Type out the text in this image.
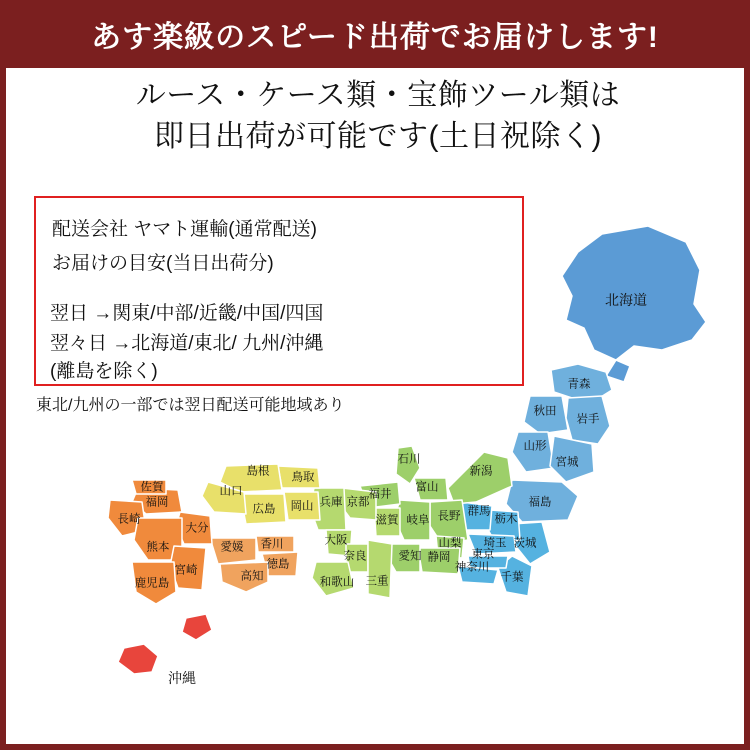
あす楽級のスピード出荷でお届けします!
ルース・ケース類・宝飾ツール類は
即日出荷が可能です(土日祝除く)
配送会社 ヤマト運輸(通常配送)
お届けの目安(当日出荷分)
翌日 →関東/中部/近畿/中国/四国
翌々日 →北海道/東北/ 九州/沖縄
(離島を除く)
東北/九州の一部では翌日配送可能地域あり
北海道
沖縄
青森
秋田
岩手
山形
宮城
福島
新潟
石川
富山
栃木
群馬
茨城
埼玉
千葉
東京
神奈川
山梨
長野
岐阜
静岡
愛知
福井
滋賀
三重
京都
奈良
大阪
和歌山
兵庫
岡山
鳥取
島根
広島
山口
香川
徳島
愛媛
高知
福岡
佐賀
長崎
大分
熊本
宮崎
鹿児島
